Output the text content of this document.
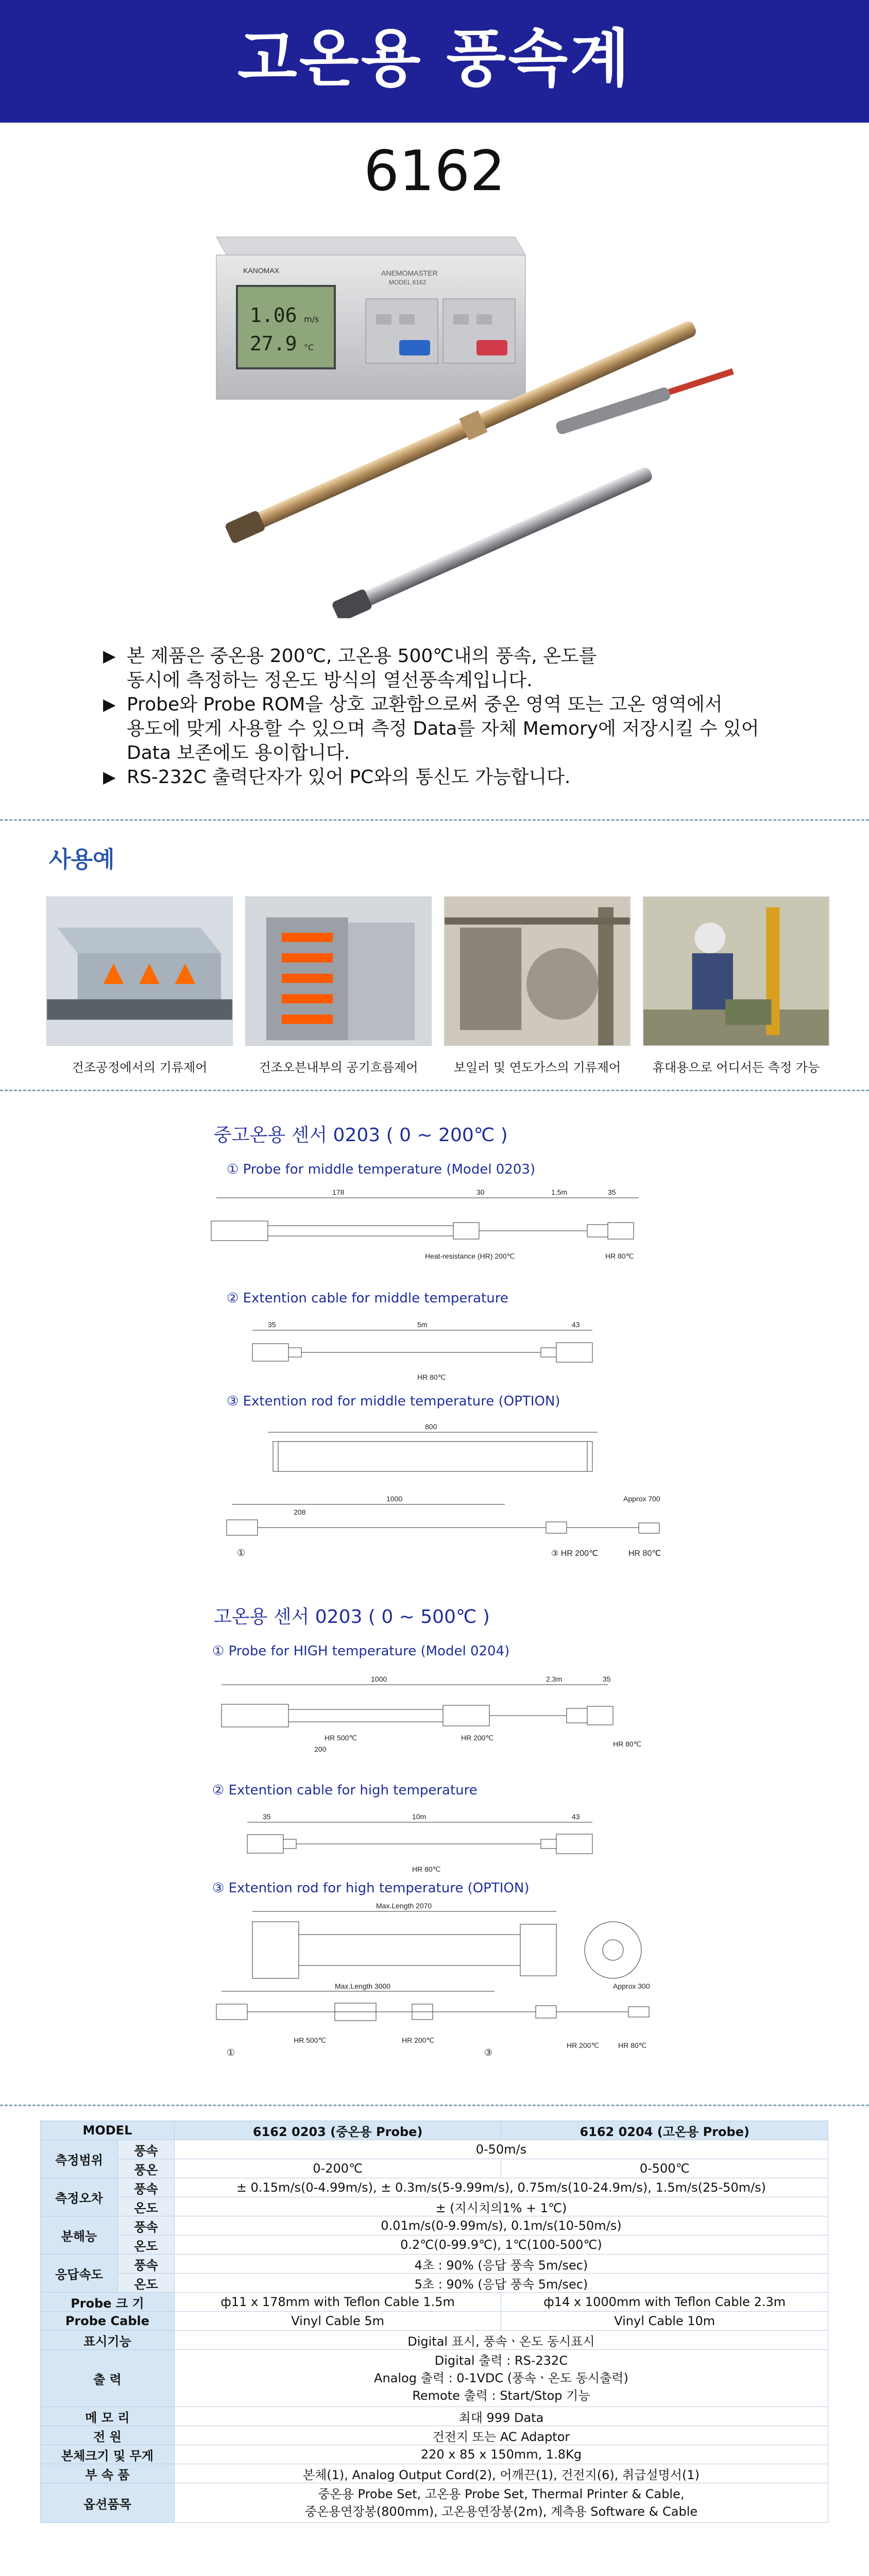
고온용 풍속계
6162
KANOMAX
1.06 m/s
27.9 °C
ANEMOMASTER
MODEL 6162
▶ 본 제품은 중온용 200℃, 고온용 500℃내의 풍속, 온도를
동시에 측정하는 정온도 방식의 열선풍속계입니다.
▶ Probe와 Probe ROM을 상호 교환함으로써 중온 영역 또는 고온 영역에서
용도에 맞게 사용할 수 있으며 측정 Data를 자체 Memory에 저장시킬 수 있어
Data 보존에도 용이합니다.
▶ RS-232C 출력단자가 있어 PC와의 통신도 가능합니다.
사용예
건조공정에서의 기류제어	건조오븐내부의 공기흐름제어	보일러 및 연도가스의 기류제어	휴대용으로 어디서든 측정 가능
중고온용 센서 0203 ( 0 ~ 200℃ )
① Probe for middle temperature (Model 0203)
178	30	1.5m	35
Heat-resistance (HR) 200℃	HR 80℃
② Extention cable for middle temperature
35	5m	43
HR 80℃
③ Extention rod for middle temperature (OPTION)
800
1000
208
Approx 700
①	③ HR 200℃	HR 80℃
고온용 센서 0203 ( 0 ~ 500℃ )
① Probe for HIGH temperature (Model 0204)
1000	2.3m	35
200
HR 500℃	HR 200℃
HR 80℃
② Extention cable for high temperature
35	10m	43
HR 80℃
③ Extention rod for high temperature (OPTION)
Max.Length 2070
Max.Length 3000	Approx 300
HR 500℃	HR 200℃
HR 200℃	HR 80℃
①	③
MODEL		6162 0203 (중온용 Probe)	6162 0204 (고온용 Probe)
측정범위	풍속	0-50m/s	
	풍온	0-200℃	0-500℃
측정오차	풍속	± 0.15m/s(0-4.99m/s), ± 0.3m/s(5-9.99m/s), 0.75m/s(10-24.9m/s), 1.5m/s(25-50m/s)	
	온도	± (지시치의1% + 1℃)	
분해능	풍속	0.01m/s(0-9.99m/s), 0.1m/s(10-50m/s)	
	온도	0.2℃(0-99.9℃), 1℃(100-500℃)	
응답속도	풍속	4초 : 90% (응답 풍속 5m/sec)	
	온도	5초 : 90% (응답 풍속 5m/sec)	
Probe 크 기		ф11 x 178mm with Teflon Cable 1.5m	ф14 x 1000mm with Teflon Cable 2.3m
Probe Cable		Vinyl Cable 5m	Vinyl Cable 10m
표시기능		Digital 표시, 풍속ㆍ온도 동시표시	
출 력		Digital 출력 : RS-232C
Analog 출력 : 0-1VDC (풍속ㆍ온도 동시출력)
Remote 출력 : Start/Stop 기능	
메 모 리		최대 999 Data	
전 원		건전지 또는 AC Adaptor	
본체크기 및 무게		220 x 85 x 150mm, 1.8Kg	
부 속 품		본체(1), Analog Output Cord(2), 어깨끈(1), 건전지(6), 취급설명서(1)	
옵션품목		중온용 Probe Set, 고온용 Probe Set, Thermal Printer & Cable,
중온용연장봉(800mm), 고온용연장봉(2m), 계측용 Software & Cable	
